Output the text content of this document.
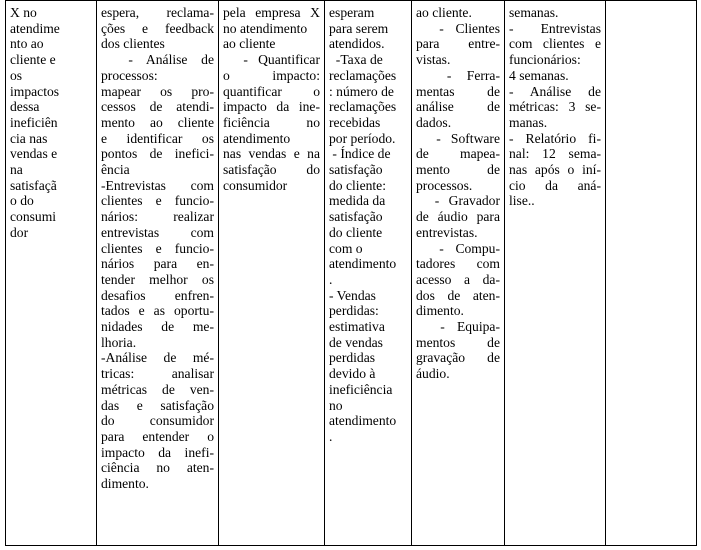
X no
atendime
nto ao
cliente e
os
impactos
dessa
ineficiên
cia nas
vendas e
na
satisfaçã
o do
consumi
dor

espera, reclama-
ções e feedback
dos clientes
- Análise de
processos:
mapear os pro-
cessos de atendi-
mento ao cliente
e identificar os
pontos de inefici-
ência
-Entrevistas com
clientes e funcio-
nários: realizar
entrevistas com
clientes e funcio-
nários para en-
tender melhor os
desafios enfren-
tados e as oportu-
nidades de me-
lhoria.
-Análise de mé-
tricas: analisar
métricas de ven-
das e satisfação
do consumidor
para entender o
impacto da inefi-
ciência no aten-
dimento.

pela empresa X
no atendimento
ao cliente
- Quantificar
o impacto:
quantificar o
impacto da ine-
ficiência no
atendimento
nas vendas e na
satisfação do
consumidor

esperam
para serem
atendidos.
-Taxa de
reclamações
: número de
reclamações
recebidas
por período.
- Índice de
satisfação
do cliente:
medida da
satisfação
do cliente
com o
atendimento
.
- Vendas
perdidas:
estimativa
de vendas
perdidas
devido à
ineficiência
no
atendimento
.

ao cliente.
- Clientes
para entre-
vistas.
- Ferra-
mentas de
análise de
dados.
- Software
de mapea-
mento de
processos.
- Gravador
de áudio para
entrevistas.
- Compu-
tadores com
acesso a da-
dos de aten-
dimento.
- Equipa-
mentos de
gravação de
áudio.

semanas.
- Entrevistas
com clientes e
funcionários:
4 semanas.
- Análise de
métricas: 3 se-
manas.
- Relatório fi-
nal: 12 sema-
nas após o iní-
cio da aná-
lise..
